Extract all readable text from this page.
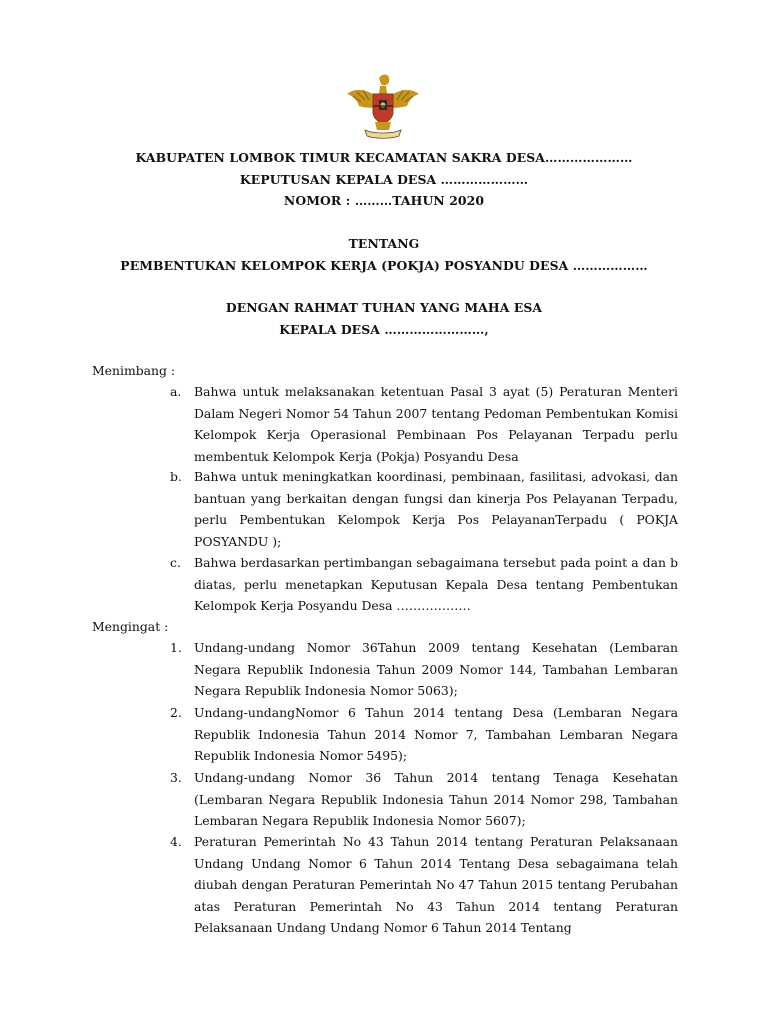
KABUPATEN LOMBOK TIMUR KECAMATAN SAKRA DESA…………………
KEPUTUSAN KEPALA DESA …………………
NOMOR : ………TAHUN 2020
TENTANG
PEMBENTUKAN KELOMPOK KERJA (POKJA) POSYANDU DESA ………………
DENGAN RAHMAT TUHAN YANG MAHA ESA
KEPALA DESA ……………………,
Menimbang :
a.	Bahwa untuk melaksanakan ketentuan Pasal 3 ayat (5) Peraturan Menteri Dalam Negeri Nomor 54 Tahun 2007 tentang Pedoman Pembentukan Komisi Kelompok Kerja Operasional Pembinaan Pos Pelayanan Terpadu perlu membentuk Kelompok Kerja (Pokja) Posyandu Desa
b. Bahwa untuk meningkatkan koordinasi, pembinaan, fasilitasi, advokasi, dan bantuan yang berkaitan dengan fungsi dan kinerja Pos Pelayanan Terpadu, perlu Pembentukan Kelompok Kerja Pos PelayananTerpadu ( POKJA POSYANDU );
c.	Bahwa berdasarkan pertimbangan sebagaimana tersebut pada point a dan b diatas, perlu menetapkan Keputusan Kepala Desa tentang Pembentukan Kelompok Kerja Posyandu Desa ………………
Mengingat :
1. Undang-undang Nomor 36Tahun 2009 tentang Kesehatan (Lembaran Negara Republik Indonesia Tahun 2009 Nomor 144, Tambahan Lembaran Negara Republik Indonesia Nomor 5063);
2. Undang-undangNomor 6 Tahun 2014 tentang Desa (Lembaran Negara Republik Indonesia Tahun 2014 Nomor 7, Tambahan Lembaran Negara Republik Indonesia Nomor 5495);
3. Undang-undang Nomor 36 Tahun 2014 tentang Tenaga Kesehatan (Lembaran Negara Republik Indonesia Tahun 2014 Nomor 298, Tambahan Lembaran Negara Republik Indonesia Nomor 5607);
4. Peraturan Pemerintah No 43 Tahun 2014 tentang Peraturan Pelaksanaan Undang Undang Nomor 6 Tahun 2014 Tentang Desa sebagaimana telah diubah dengan Peraturan Pemerintah No 47 Tahun 2015 tentang Perubahan atas Peraturan Pemerintah No 43 Tahun 2014 tentang Peraturan Pelaksanaan Undang Undang Nomor 6 Tahun 2014 Tentang
